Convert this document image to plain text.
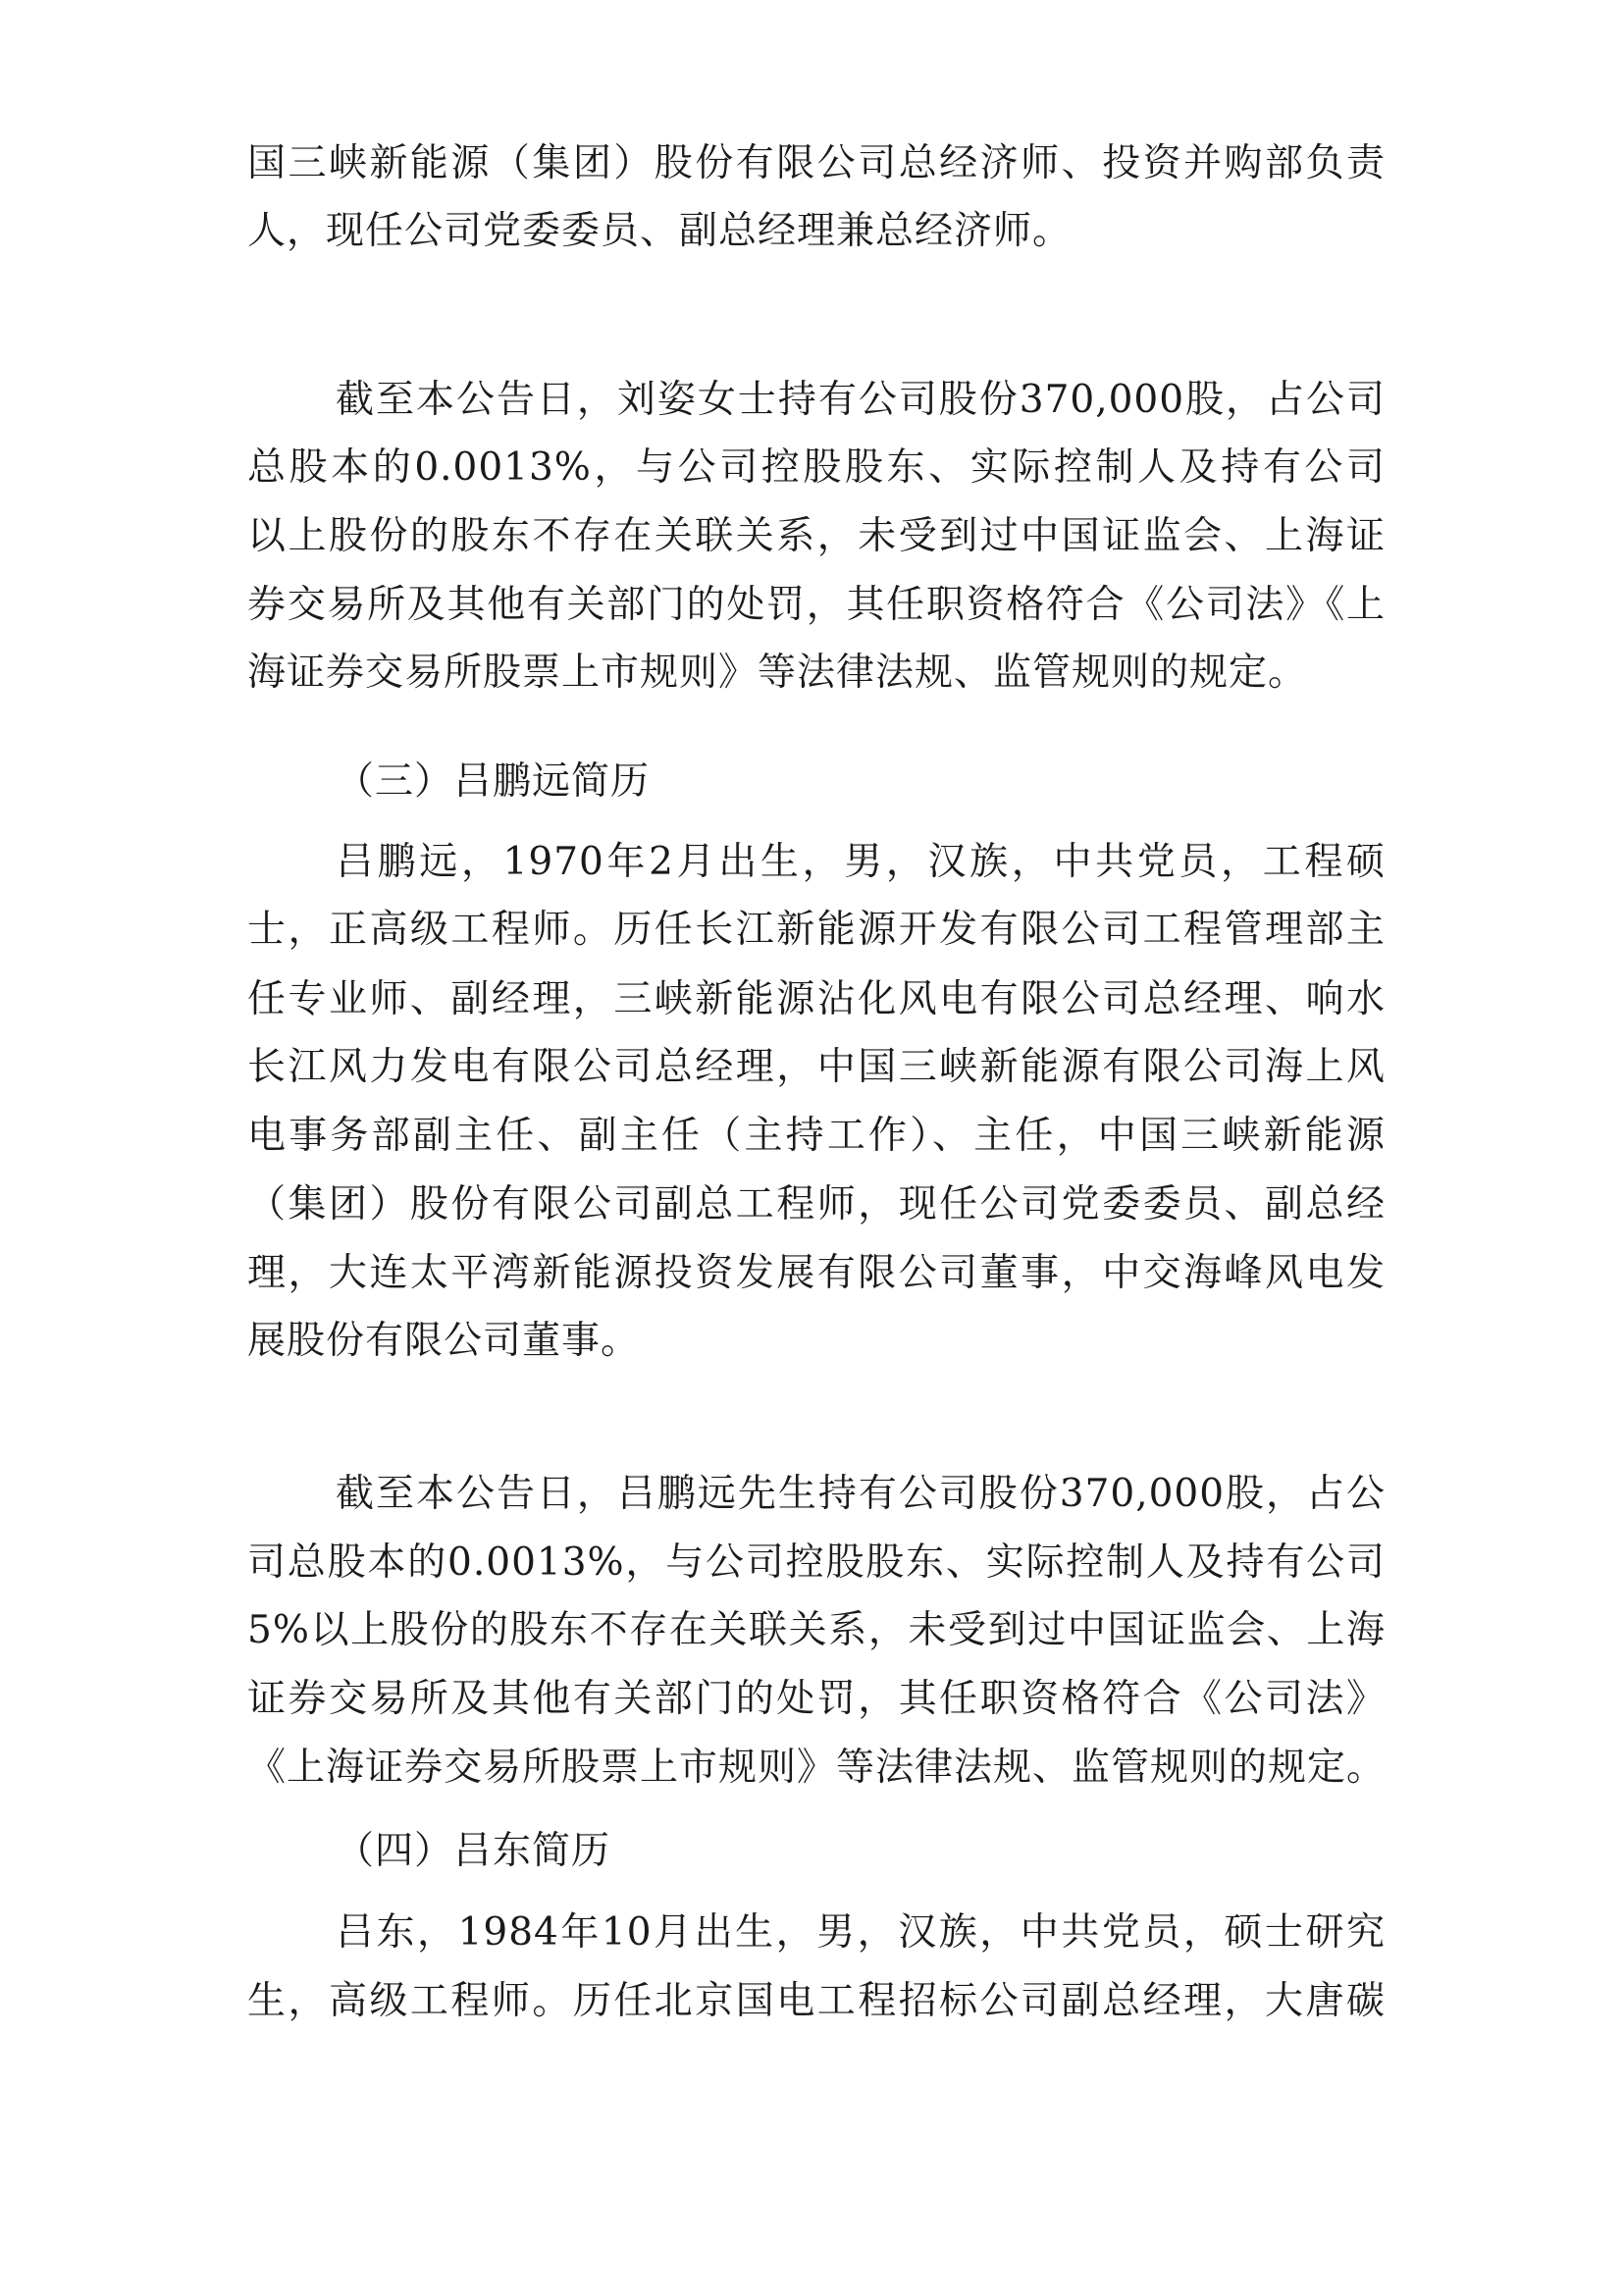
国三峡新能源（集团）股份有限公司总经济师、投资并购部负责
人，现任公司党委委员、副总经理兼总经济师。
截至本公告日，刘姿女士持有公司股份370,000股，占公司
总股本的0.0013%，与公司控股股东、实际控制人及持有公司
以上股份的股东不存在关联关系，未受到过中国证监会、上海证
券交易所及其他有关部门的处罚，其任职资格符合《公司法》《上
海证券交易所股票上市规则》等法律法规、监管规则的规定。
（三）吕鹏远简历
吕鹏远，1970年2月出生，男，汉族，中共党员，工程硕
士，正高级工程师。历任长江新能源开发有限公司工程管理部主
任专业师、副经理，三峡新能源沾化风电有限公司总经理、响水
长江风力发电有限公司总经理，中国三峡新能源有限公司海上风
电事务部副主任、副主任（主持工作）、主任，中国三峡新能源
（集团）股份有限公司副总工程师，现任公司党委委员、副总经
理，大连太平湾新能源投资发展有限公司董事，中交海峰风电发
展股份有限公司董事。
截至本公告日，吕鹏远先生持有公司股份370,000股，占公
司总股本的0.0013%，与公司控股股东、实际控制人及持有公司
5%以上股份的股东不存在关联关系，未受到过中国证监会、上海
证券交易所及其他有关部门的处罚，其任职资格符合《公司法》
《上海证券交易所股票上市规则》等法律法规、监管规则的规定。
（四）吕东简历
吕东，1984年10月出生，男，汉族，中共党员，硕士研究
生，高级工程师。历任北京国电工程招标公司副总经理，大唐碳
